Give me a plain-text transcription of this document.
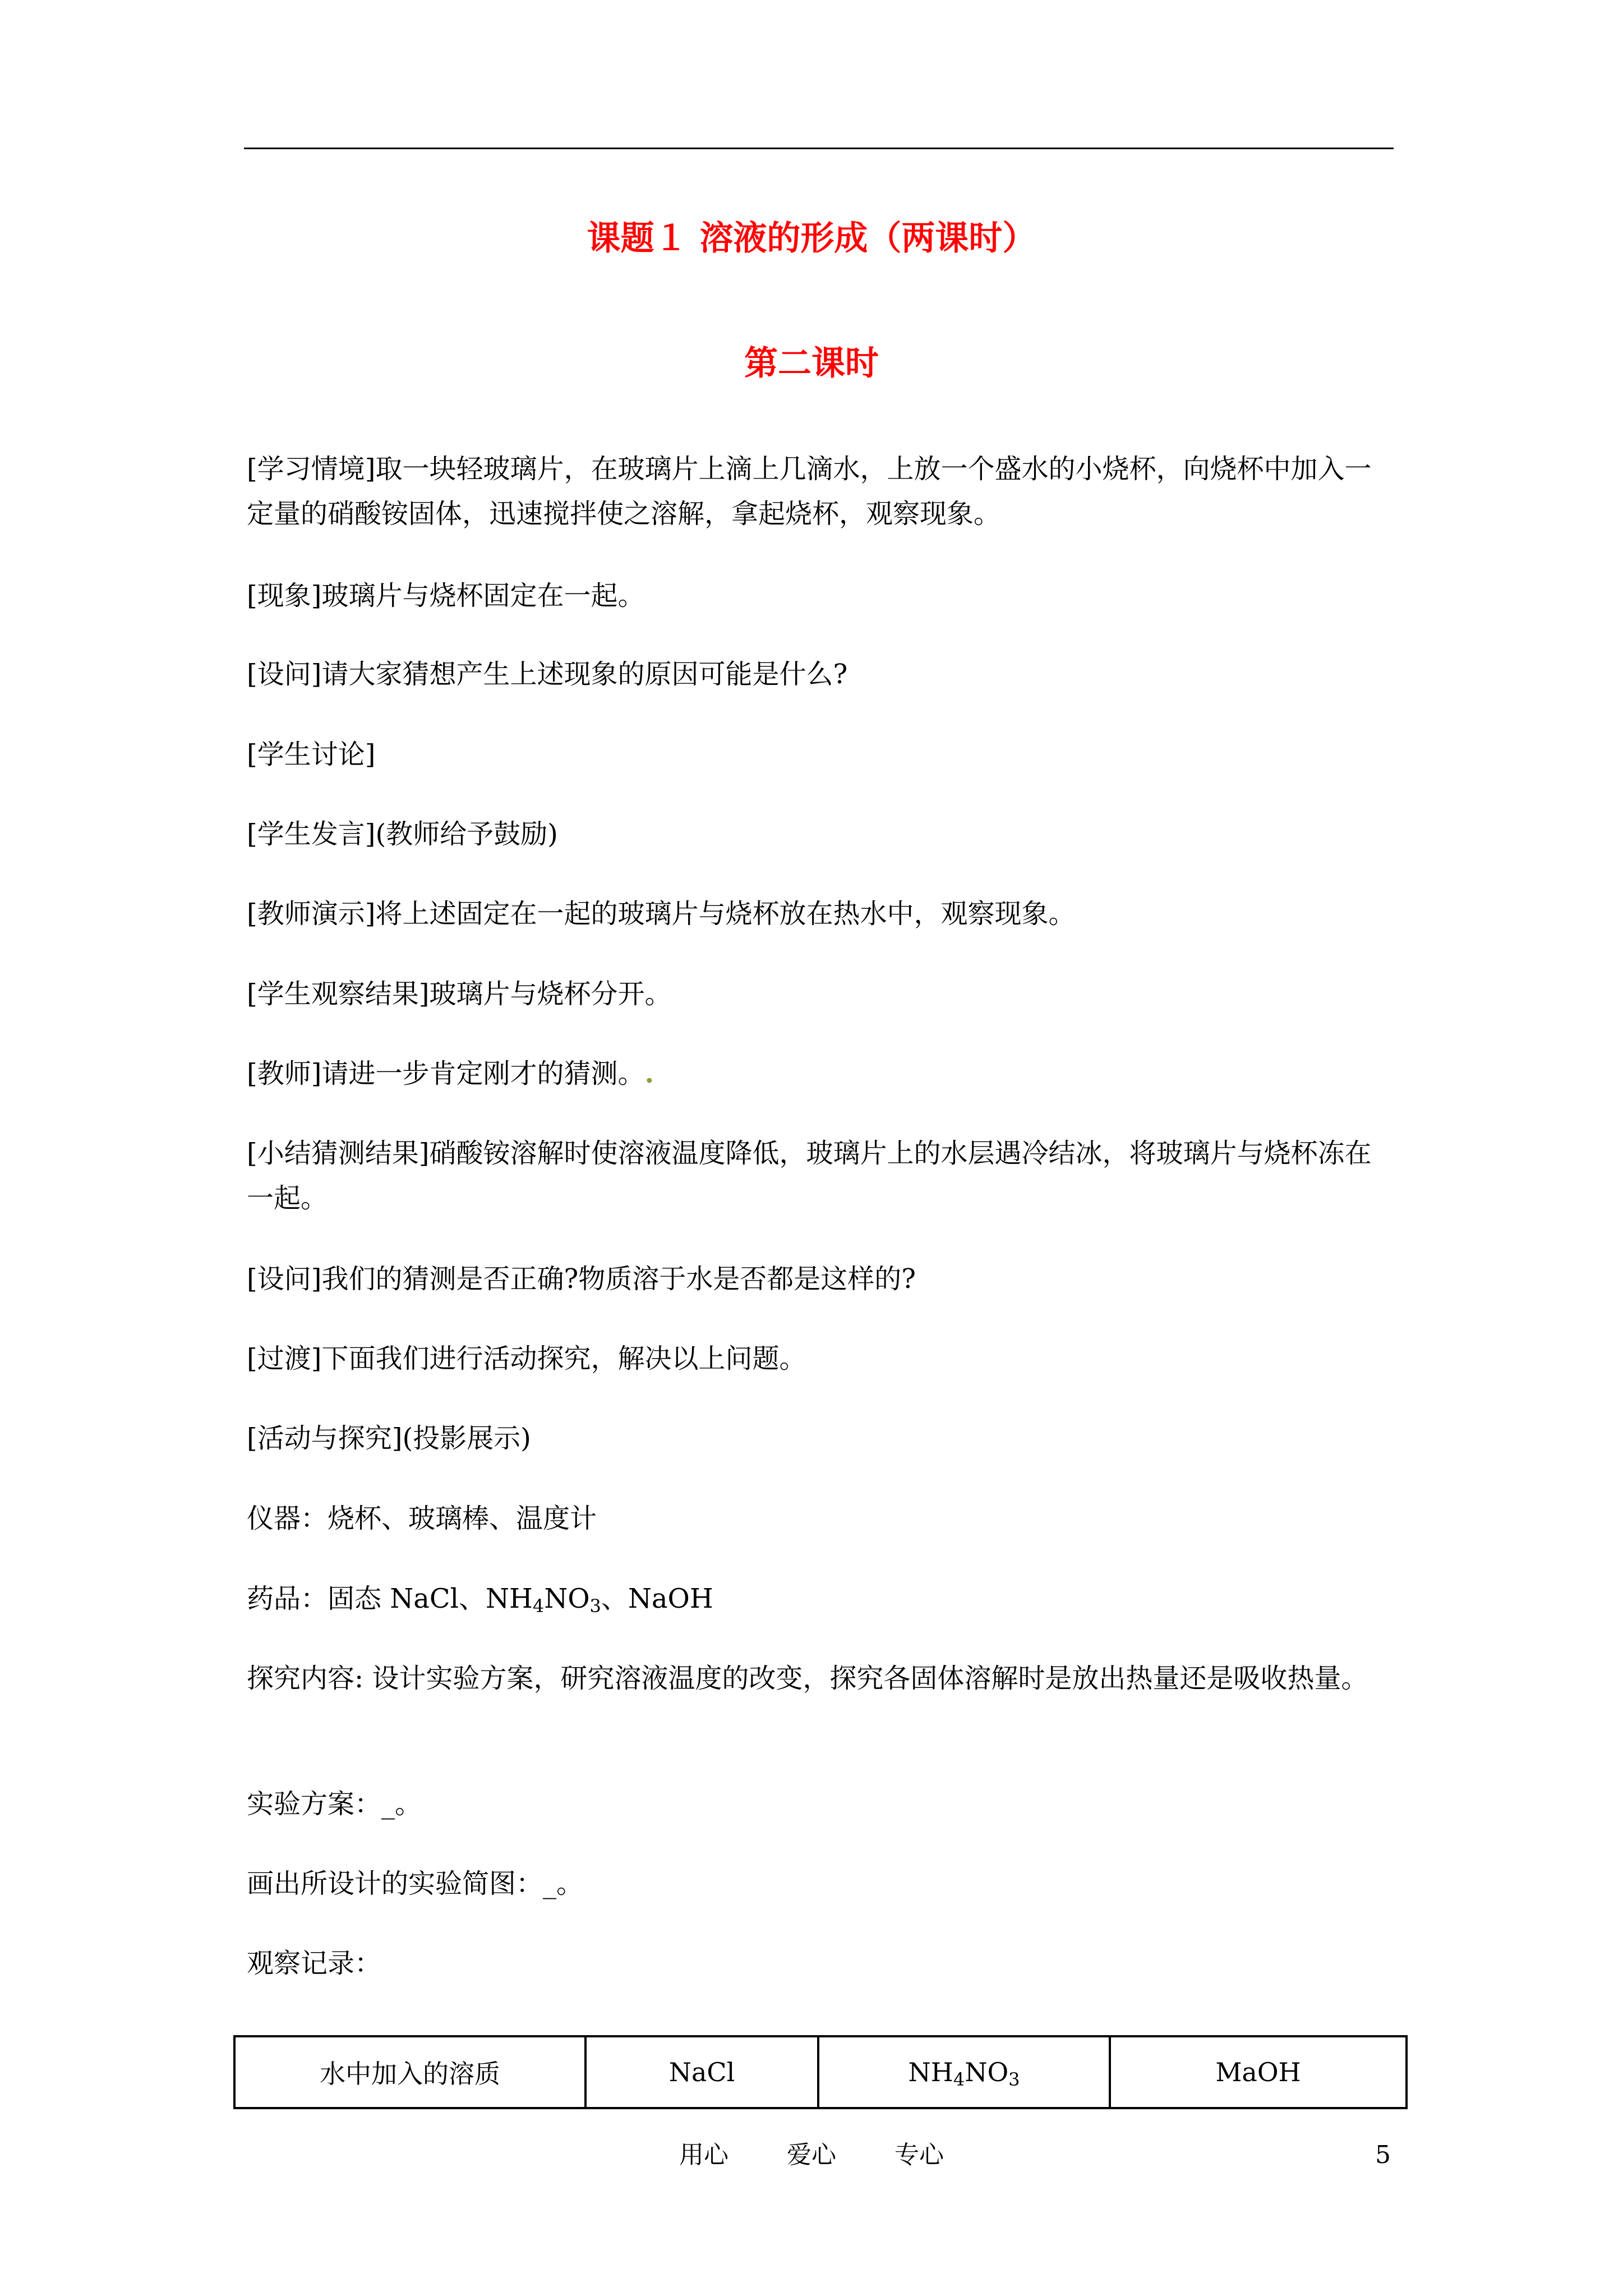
课题１ 溶液的形成（两课时）
第二课时

[学习情境]取一块轻玻璃片，在玻璃片上滴上几滴水，上放一个盛水的小烧杯，向烧杯中加入一定量的硝酸铵固体，迅速搅拌使之溶解，拿起烧杯，观察现象。

[现象]玻璃片与烧杯固定在一起。

[设问]请大家猜想产生上述现象的原因可能是什么?

[学生讨论]

[学生发言](教师给予鼓励)

[教师演示]将上述固定在一起的玻璃片与烧杯放在热水中，观察现象。

[学生观察结果]玻璃片与烧杯分开。

[教师]请进一步肯定刚才的猜测。.

[小结猜测结果]硝酸铵溶解时使溶液温度降低，玻璃片上的水层遇冷结冰，将玻璃片与烧杯冻在一起。

[设问]我们的猜测是否正确?物质溶于水是否都是这样的?

[过渡]下面我们进行活动探究，解决以上问题。

[活动与探究](投影展示)

仪器：烧杯、玻璃棒、温度计

药品：固态 NaCl、$NH_4NO_3$、NaOH

探究内容: 设计实验方案，研究溶液温度的改变，探究各固体溶解时是放出热量还是吸收热量。

实验方案：_。

画出所设计的实验简图：_。

观察记录：

水中加入的溶质	NaCl	$NH_4NO_3$	MaOH
用心 爱心 专心	5
